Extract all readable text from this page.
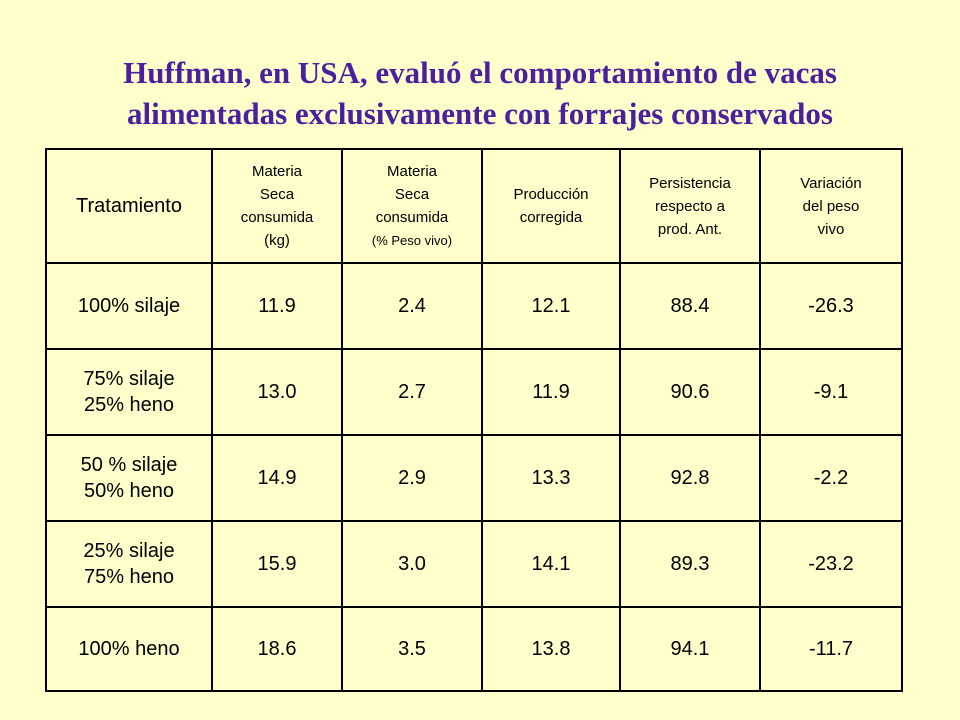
Huffman, en USA, evaluó el comportamiento de vacas
alimentadas exclusivamente con forrajes conservados
Tratamiento	Materia
Seca
consumida
(kg)	Materia
Seca
consumida
(% Peso vivo)	Producción
corregida	Persistencia
respecto a
prod. Ant.	Variación
del peso
vivo

100% silaje	11.9	2.4	12.1	88.4	-26.3

75% silaje
25% heno	13.0	2.7	11.9	90.6	-9.1

50 % silaje
50% heno	14.9	2.9	13.3	92.8	-2.2

25% silaje
75% heno	15.9	3.0	14.1	89.3	-23.2

100% heno	18.6	3.5	13.8	94.1	-11.7
